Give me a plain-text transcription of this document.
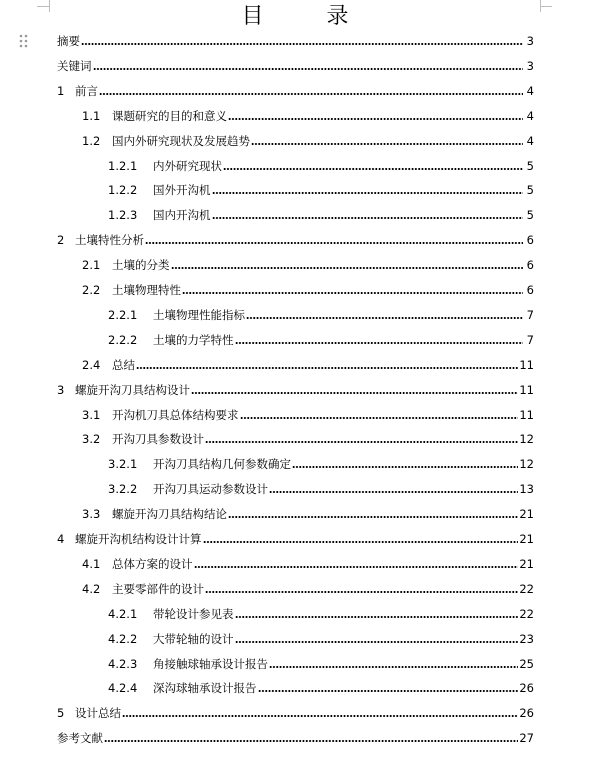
目 录
摘要	3
关键词	3
1 前言	4
1.1	课题研究的目的和意义	4
1.2	国内外研究现状及发展趋势	4
1.2.1	内外研究现状	5
1.2.2	国外开沟机	5
1.2.3	国内开沟机	5
2 土壤特性分析	6
2.1	土壤的分类	6
2.2	土壤物理特性	6
2.2.1	土壤物理性能指标	7
2.2.2	土壤的力学特性	7
2.4	总结	11
3 螺旋开沟刀具结构设计	11
3.1	开沟机刀具总体结构要求	11
3.2	开沟刀具参数设计	12
3.2.1	开沟刀具结构几何参数确定	12
3.2.2	开沟刀具运动参数设计	13
3.3	螺旋开沟刀具结构结论	21
4 螺旋开沟机结构设计计算	21
4.1	总体方案的设计	21
4.2	主要零部件的设计	22
4.2.1	带轮设计参见表	22
4.2.2	大带轮轴的设计	23
4.2.3	角接触球轴承设计报告	25
4.2.4	深沟球轴承设计报告	26
5 设计总结	26
参考文献	27
